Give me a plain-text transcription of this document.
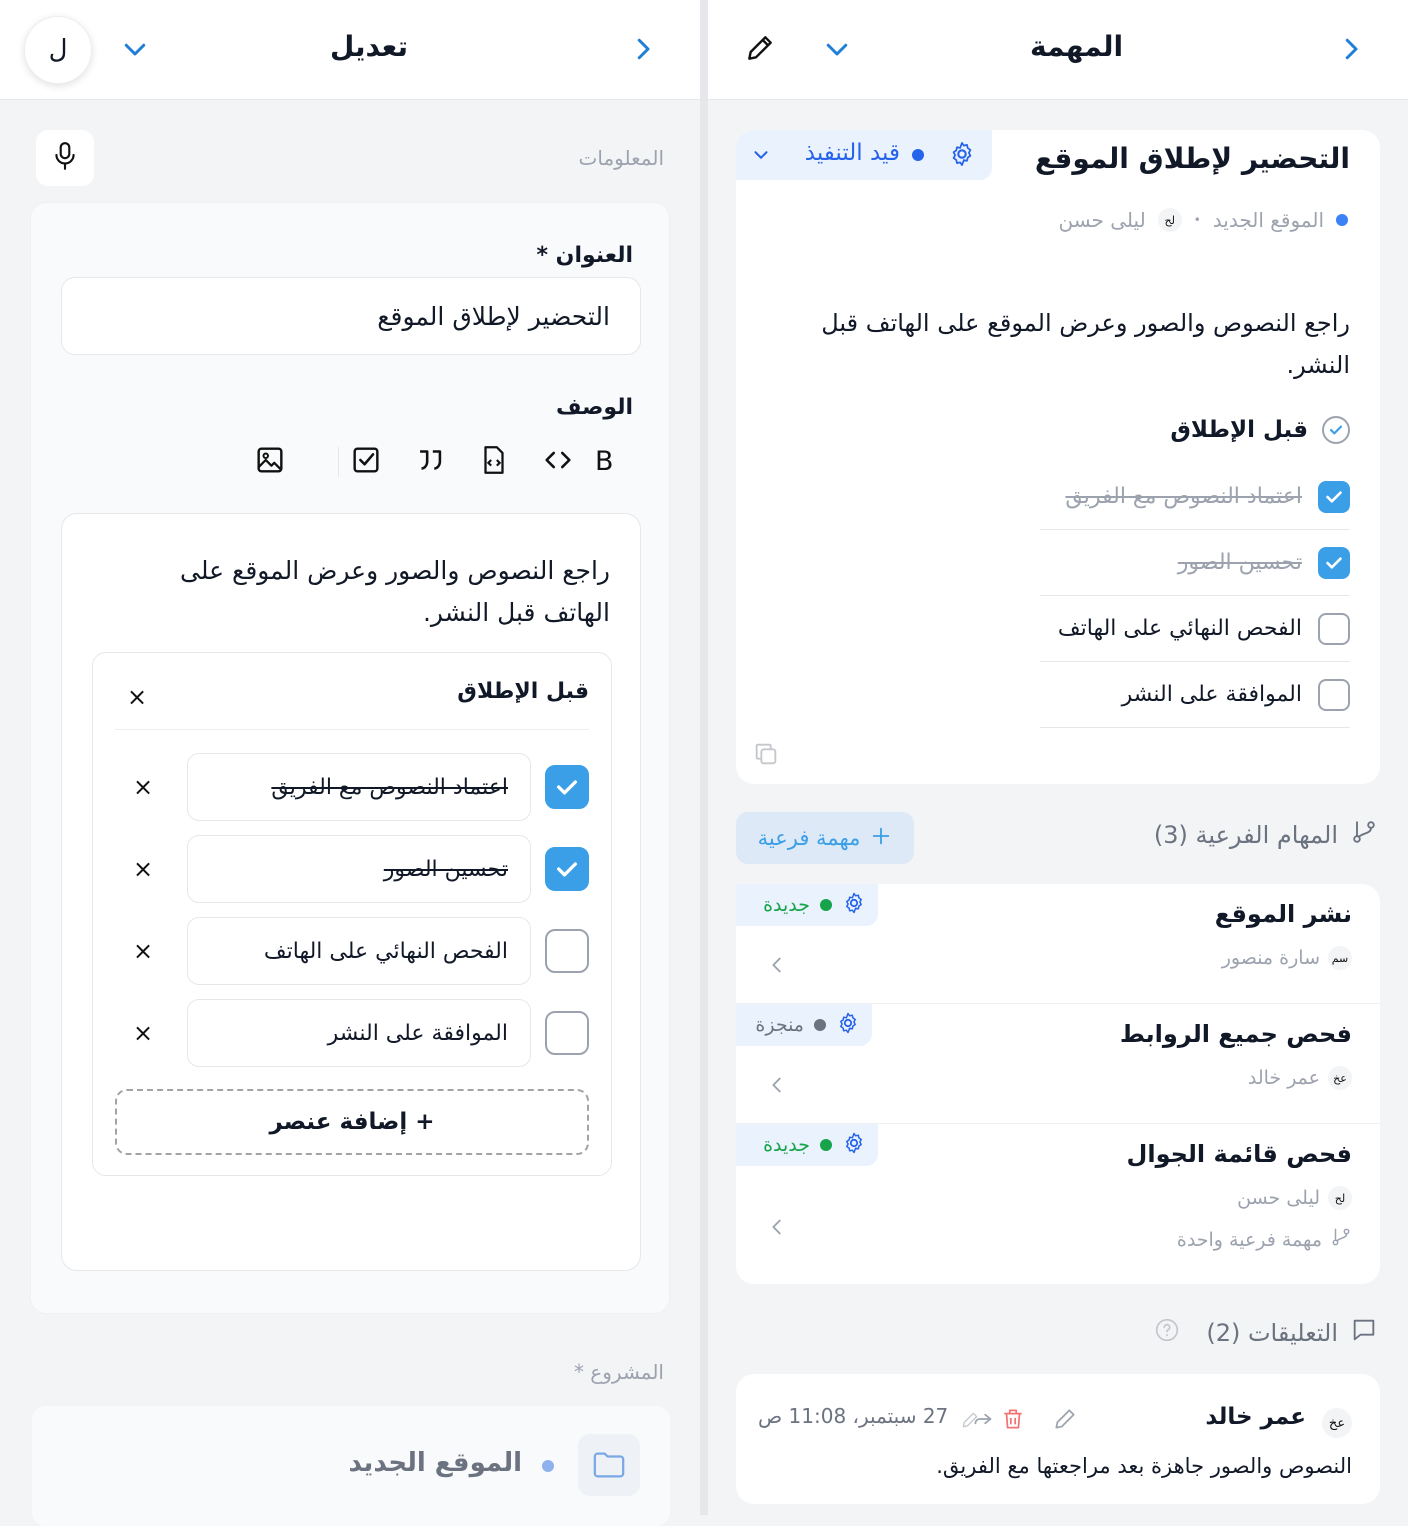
تعديل
ل
المعلومات
العنوان *
التحضير لإطلاق الموقع
الوصف
B
راجع النصوص والصور وعرض الموقع على الهاتف قبل النشر.
قبل الإطلاق
×
اعتماد النصوص مع الفريق
×
تحسين الصور
×
الفحص النهائي على الهاتف
×
الموافقة على النشر
×
+ إضافة عنصر
المشروع *
الموقع الجديد
المهمة
التحضير لإطلاق الموقع
قيد التنفيذ
الموقع الجديد
•
لح
ليلى حسن
راجع النصوص والصور وعرض الموقع على الهاتف قبل النشر.
قبل الإطلاق
اعتماد النصوص مع الفريق
تحسين الصور
الفحص النهائي على الهاتف
الموافقة على النشر
المهام الفرعية (3)
مهمة فرعية
نشر الموقع
سم
سارة منصور
جديدة
فحص جميع الروابط
عخ
عمر خالد
منجزة
فحص قائمة الجوال
لح
ليلى حسن
مهمة فرعية واحدة
جديدة
التعليقات (2)
عخ
عمر خالد
27 سبتمبر، 11:08 ص
النصوص والصور جاهزة بعد مراجعتها مع الفريق.
